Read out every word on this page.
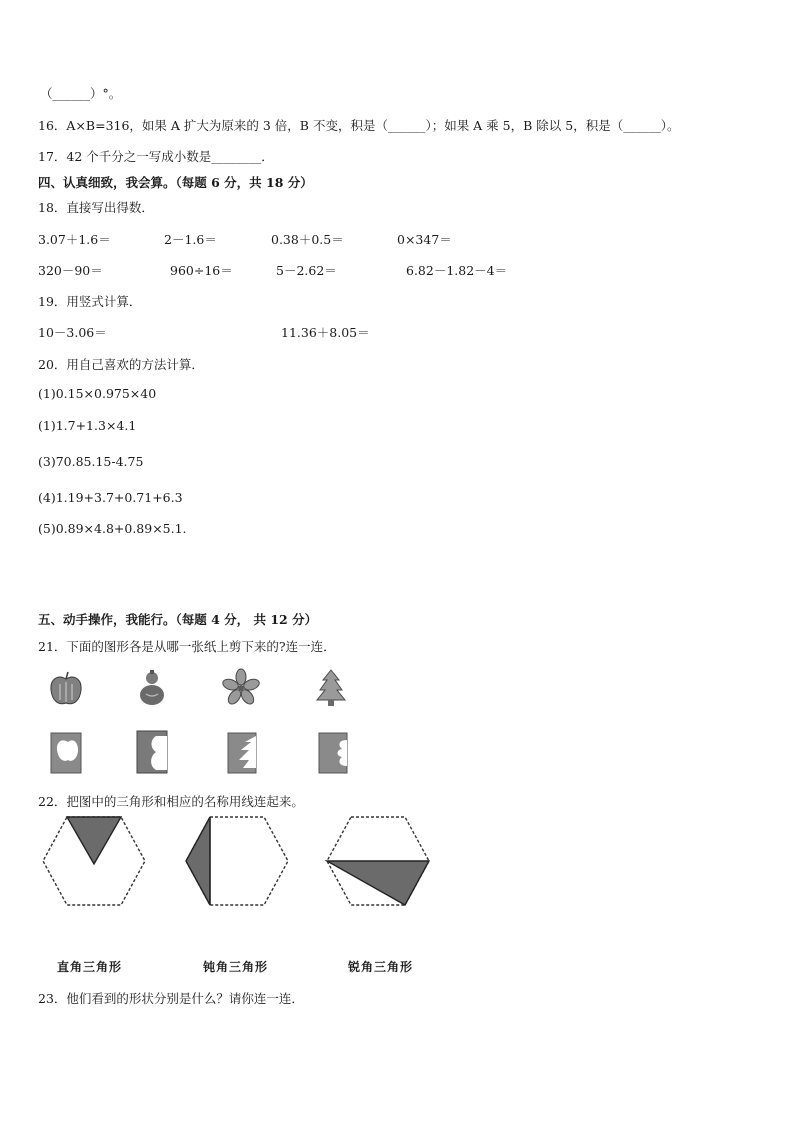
（______）°。
16．A×B=316，如果 A 扩大为原来的 3 倍，B 不变，积是（______）；如果 A 乘 5，B 除以 5，积是（______）。
17．42 个千分之一写成小数是________．
四、认真细致，我会算。（每题 6 分，共 18 分）
18．直接写出得数．
3.07＋1.6＝	2－1.6＝	0.38＋0.5＝	0×347＝
320－90＝	960÷16＝	5－2.62＝	6.82－1.82－4＝
19．用竖式计算．
10－3.06＝	11.36＋8.05＝
20．用自己喜欢的方法计算．
(1)0.15×0.975×40
(1)1.7+1.3×4.1
(3)70.85.15-4.75
(4)1.19+3.7+0.71+6.3
(5)0.89×4.8+0.89×5.1.
五、动手操作，我能行。（每题 4 分， 共 12 分）
21．下面的图形各是从哪一张纸上剪下来的?连一连．
22．把图中的三角形和相应的名称用线连起来。
直角三角形	钝角三角形	锐角三角形
23．他们看到的形状分别是什么？请你连一连．
